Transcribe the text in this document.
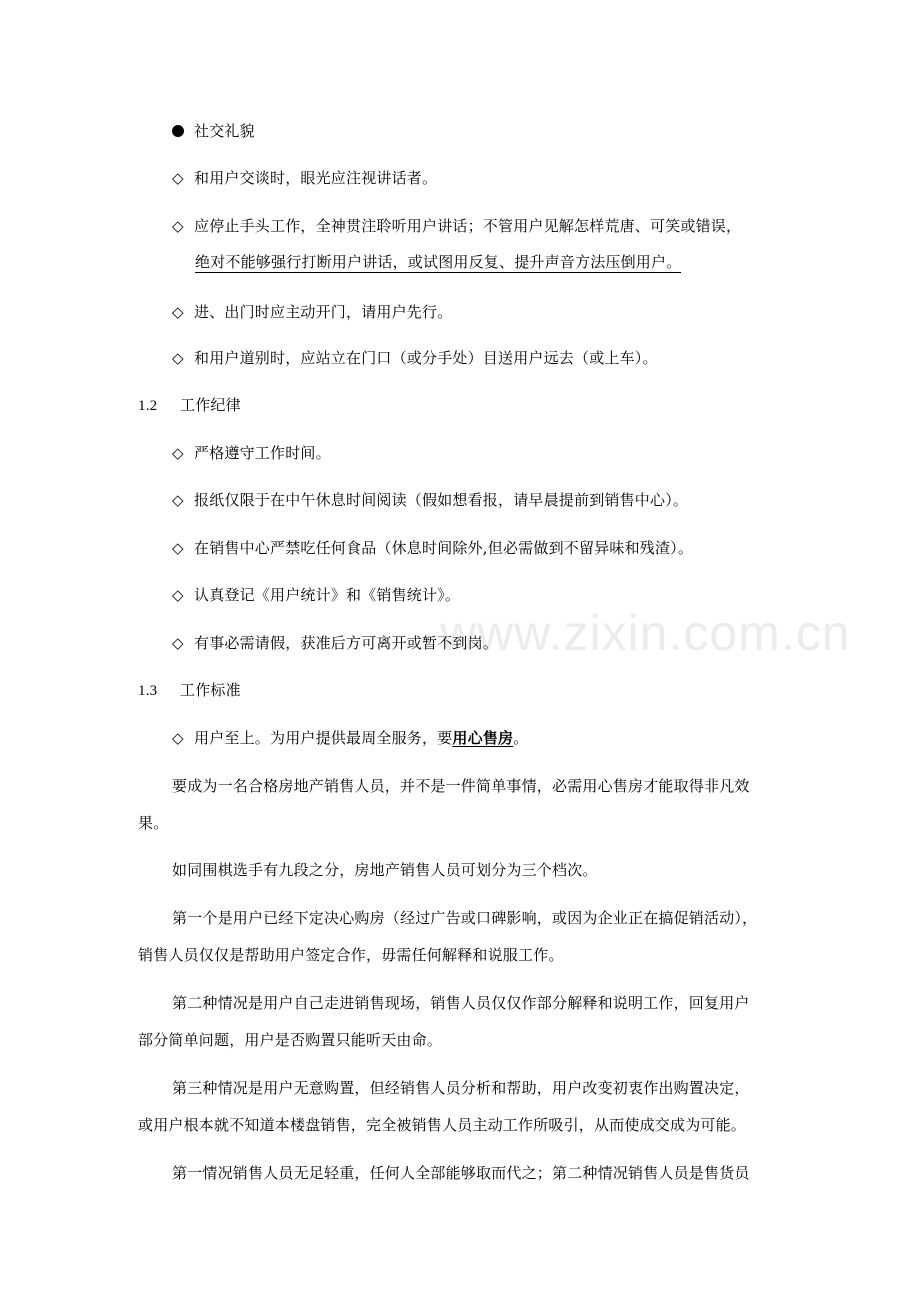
www.zixin.com.cn
社交礼貌
◇ 和用户交谈时，眼光应注视讲话者。
◇ 应停止手头工作，全神贯注聆听用户讲话；不管用户见解怎样荒唐、可笑或错误，
绝对不能够强行打断用户讲话，或试图用反复、提升声音方法压倒用户。
◇ 进、出门时应主动开门，请用户先行。
◇ 和用户道别时，应站立在门口（或分手处）目送用户远去（或上车）。
1.2 工作纪律
◇ 严格遵守工作时间。
◇ 报纸仅限于在中午休息时间阅读（假如想看报，请早晨提前到销售中心）。
◇ 在销售中心严禁吃任何食品（休息时间除外,但必需做到不留异味和残渣）。
◇ 认真登记《用户统计》和《销售统计》。
◇ 有事必需请假，获准后方可离开或暂不到岗。
1.3 工作标准
◇ 用户至上。为用户提供最周全服务，要用心售房。
要成为一名合格房地产销售人员，并不是一件简单事情，必需用心售房才能取得非凡效
果。
如同围棋选手有九段之分，房地产销售人员可划分为三个档次。
第一个是用户已经下定决心购房（经过广告或口碑影响，或因为企业正在搞促销活动），
销售人员仅仅是帮助用户签定合作，毋需任何解释和说服工作。
第二种情况是用户自己走进销售现场，销售人员仅仅作部分解释和说明工作，回复用户
部分简单问题，用户是否购置只能听天由命。
第三种情况是用户无意购置，但经销售人员分析和帮助，用户改变初衷作出购置决定，
或用户根本就不知道本楼盘销售，完全被销售人员主动工作所吸引，从而使成交成为可能。
第一情况销售人员无足轻重，任何人全部能够取而代之；第二种情况销售人员是售货员
